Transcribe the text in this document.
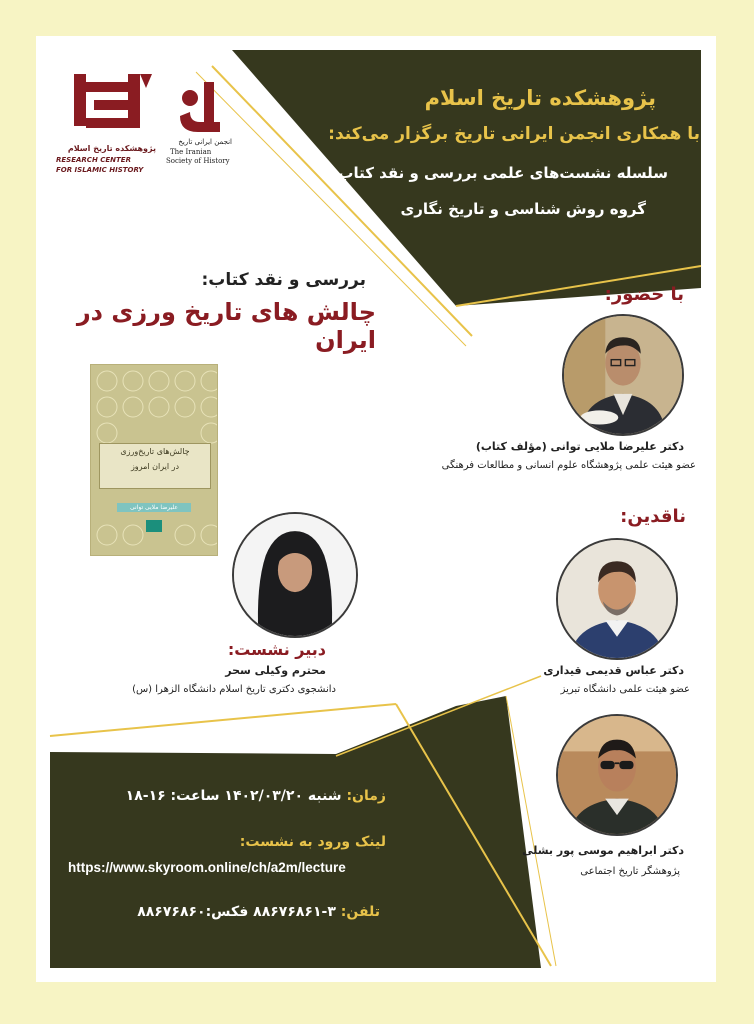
پژوهشکده تاریخ اسلام
RESEARCH CENTER
FOR ISLAMIC HISTORY
انجمن ایرانی تاریخ
The Iranian
Society of History
پژوهشکده تاریخ اسلام
با همکاری انجمن ایرانی تاریخ برگزار می‌کند:
سلسله نشست‌های علمی بررسی و نقد کتاب
گروه روش شناسی و تاریخ نگاری
بررسی و نقد کتاب:
چالش های تاریخ ورزی در ایران
چالش‌های تاریخ‌ورزی
در ایران امروز
علیرضا ملایی توانی
با حضور:
دکتر علیرضا ملایی توانی (مؤلف کتاب)
عضو هیئت علمی پژوهشگاه علوم انسانی و مطالعات فرهنگی
ناقدین:
دکتر عباس قدیمی قیداری
عضو هیئت علمی دانشگاه تبریز
دکتر ابراهیم موسی پور بشلی
پژوهشگر تاریخ اجتماعی
دبیر نشست:
محترم وکیلی سحر
دانشجوی دکتری تاریخ اسلام دانشگاه الزهرا (س)
زمان: شنبه ۱۴۰۲/۰۳/۲۰ ساعت: ۱۶-۱۸
لینک ورود به نشست:
https://www.skyroom.online/ch/a2m/lecture
تلفن: ۳-۸۸۶۷۶۸۶۱ فکس:۸۸۶۷۶۸۶۰
